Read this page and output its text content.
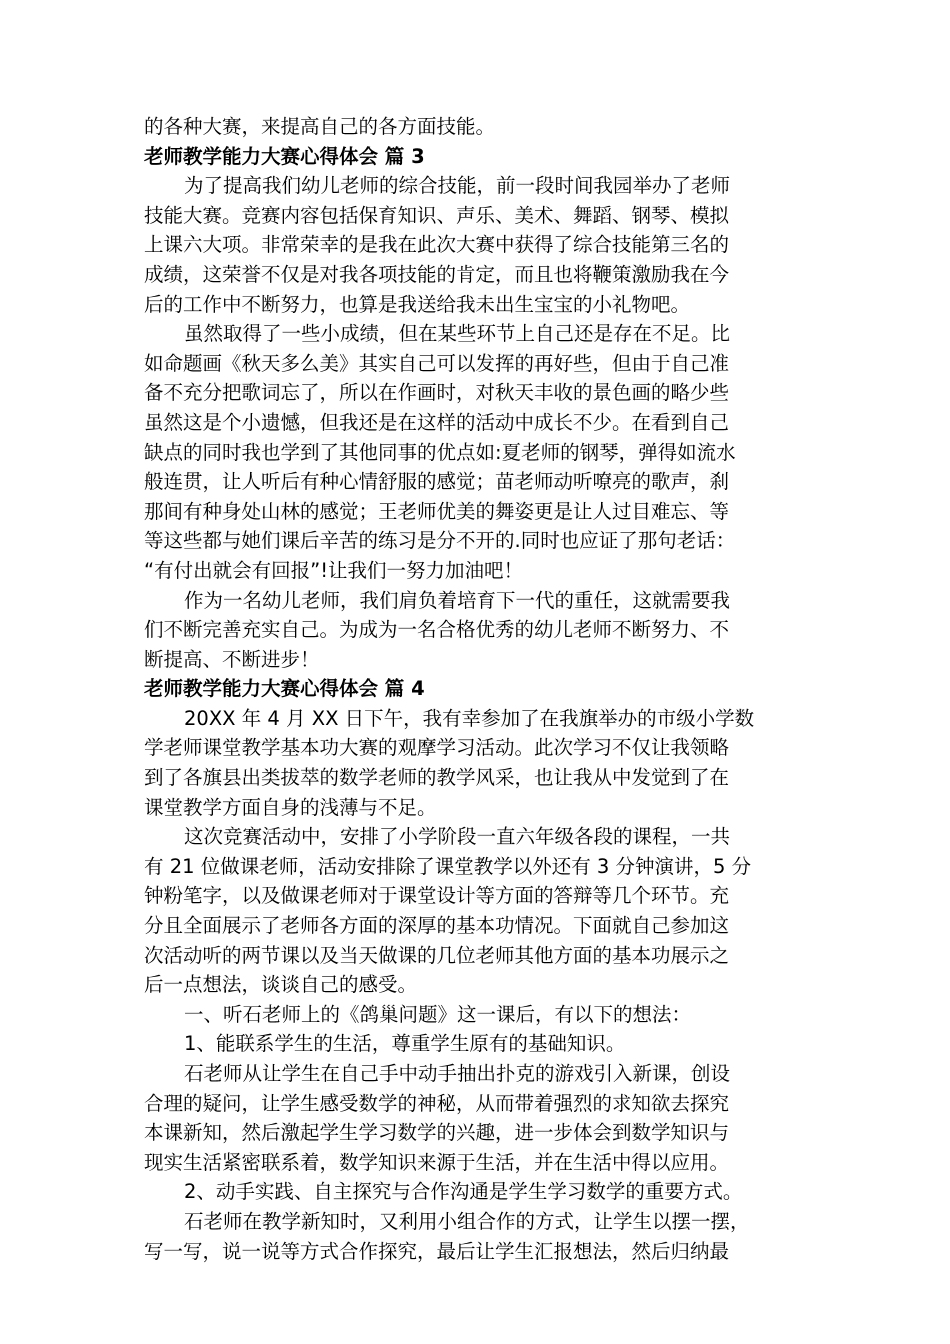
的各种大赛，来提高自己的各方面技能。
老师教学能力大赛心得体会 篇 3
为了提高我们幼儿老师的综合技能，前一段时间我园举办了老师
技能大赛。竞赛内容包括保育知识、声乐、美术、舞蹈、钢琴、模拟
上课六大项。非常荣幸的是我在此次大赛中获得了综合技能第三名的
成绩，这荣誉不仅是对我各项技能的肯定，而且也将鞭策激励我在今
后的工作中不断努力，也算是我送给我未出生宝宝的小礼物吧。
虽然取得了一些小成绩，但在某些环节上自己还是存在不足。比
如命题画《秋天多么美》其实自己可以发挥的再好些，但由于自己准
备不充分把歌词忘了，所以在作画时，对秋天丰收的景色画的略少些
虽然这是个小遗憾，但我还是在这样的活动中成长不少。在看到自己
缺点的同时我也学到了其他同事的优点如:夏老师的钢琴，弹得如流水
般连贯，让人听后有种心情舒服的感觉；苗老师动听嘹亮的歌声，刹
那间有种身处山林的感觉；王老师优美的舞姿更是让人过目难忘、等
等这些都与她们课后辛苦的练习是分不开的.同时也应证了那句老话：
“有付出就会有回报”!让我们一努力加油吧！
作为一名幼儿老师，我们肩负着培育下一代的重任，这就需要我
们不断完善充实自己。为成为一名合格优秀的幼儿老师不断努力、不
断提高、不断进步！
老师教学能力大赛心得体会 篇 4
20XX 年 4 月 XX 日下午，我有幸参加了在我旗举办的市级小学数
学老师课堂教学基本功大赛的观摩学习活动。此次学习不仅让我领略
到了各旗县出类拔萃的数学老师的教学风采，也让我从中发觉到了在
课堂教学方面自身的浅薄与不足。
这次竞赛活动中，安排了小学阶段一直六年级各段的课程，一共
有 21 位做课老师，活动安排除了课堂教学以外还有 3 分钟演讲，5 分
钟粉笔字，以及做课老师对于课堂设计等方面的答辩等几个环节。充
分且全面展示了老师各方面的深厚的基本功情况。下面就自己参加这
次活动听的两节课以及当天做课的几位老师其他方面的基本功展示之
后一点想法，谈谈自己的感受。
一、听石老师上的《鸽巢问题》这一课后，有以下的想法：
1、能联系学生的生活，尊重学生原有的基础知识。
石老师从让学生在自己手中动手抽出扑克的游戏引入新课，创设
合理的疑问，让学生感受数学的神秘，从而带着强烈的求知欲去探究
本课新知，然后激起学生学习数学的兴趣，进一步体会到数学知识与
现实生活紧密联系着，数学知识来源于生活，并在生活中得以应用。
2、动手实践、自主探究与合作沟通是学生学习数学的重要方式。
石老师在教学新知时，又利用小组合作的方式，让学生以摆一摆，
写一写，说一说等方式合作探究，最后让学生汇报想法，然后归纳最
